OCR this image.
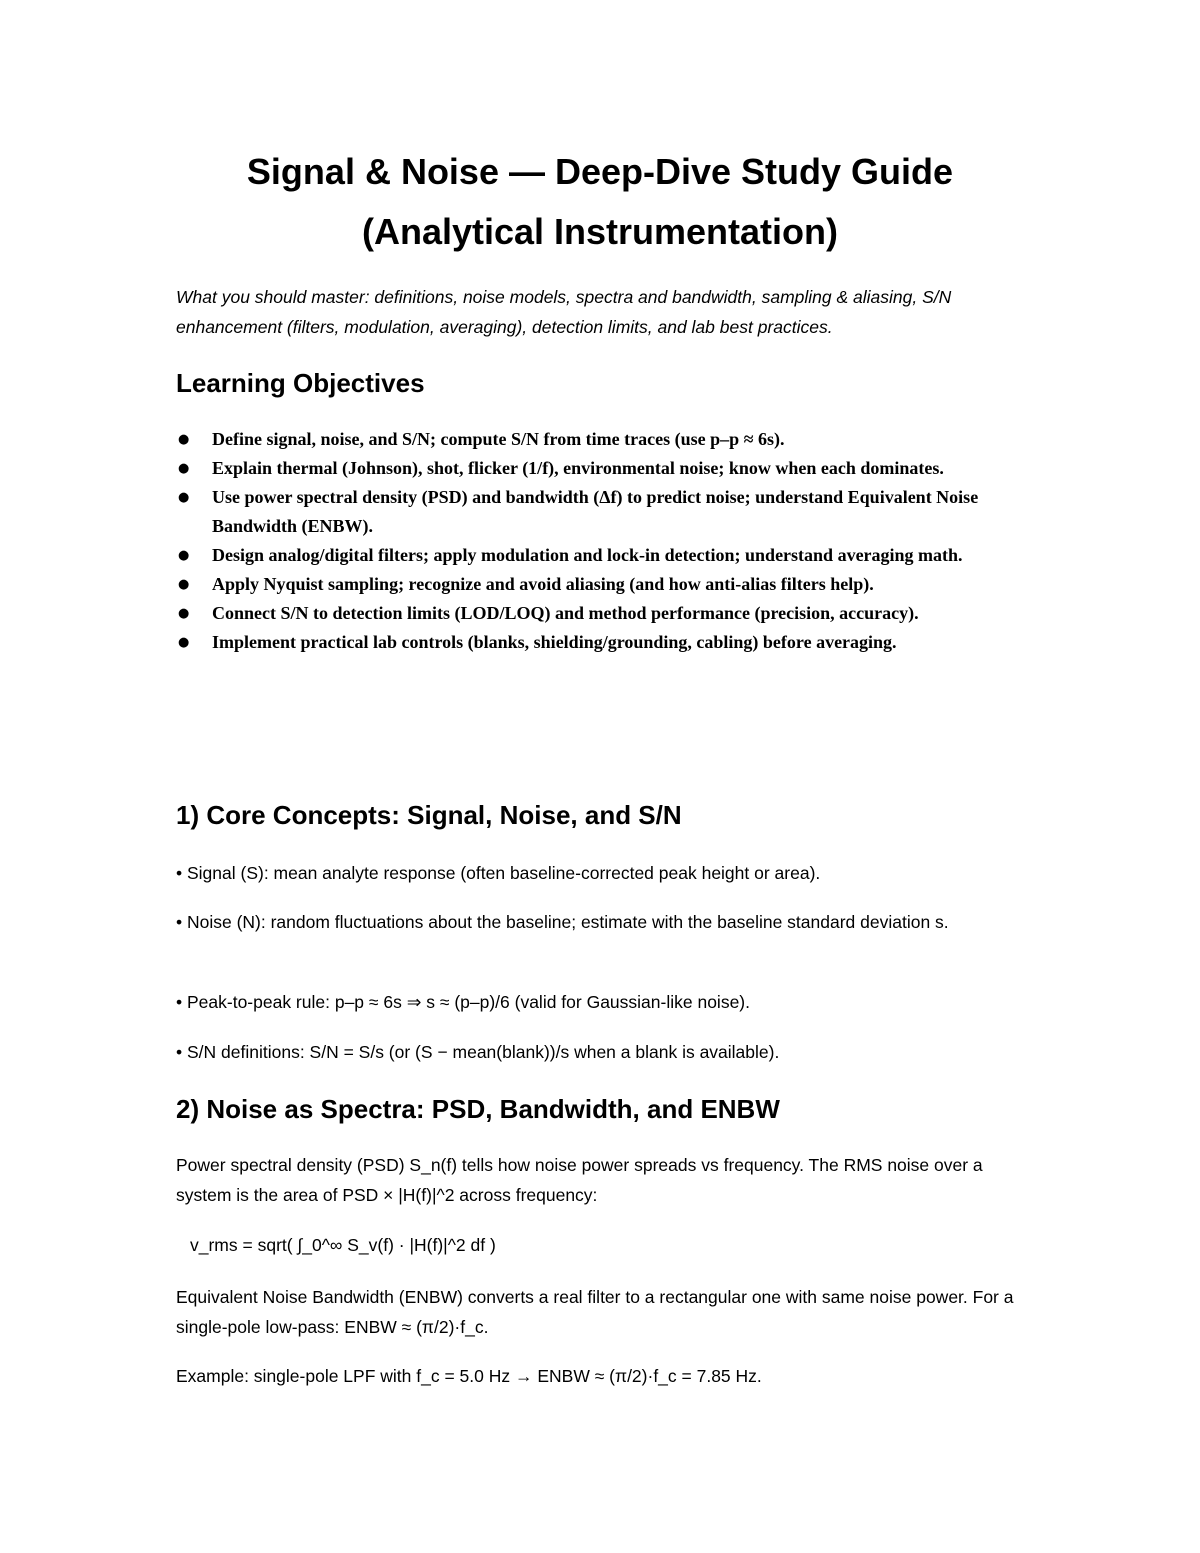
Signal & Noise — Deep-Dive Study Guide
(Analytical Instrumentation)

What you should master: definitions, noise models, spectra and bandwidth, sampling & aliasing, S/N enhancement (filters, modulation, averaging), detection limits, and lab best practices.

Learning Objectives
● Define signal, noise, and S/N; compute S/N from time traces (use p–p ≈ 6s).
● Explain thermal (Johnson), shot, flicker (1/f), environmental noise; know when each dominates.
● Use power spectral density (PSD) and bandwidth (Δf) to predict noise; understand Equivalent Noise Bandwidth (ENBW).
● Design analog/digital filters; apply modulation and lock-in detection; understand averaging math.
● Apply Nyquist sampling; recognize and avoid aliasing (and how anti-alias filters help).
● Connect S/N to detection limits (LOD/LOQ) and method performance (precision, accuracy).
● Implement practical lab controls (blanks, shielding/grounding, cabling) before averaging.
1) Core Concepts: Signal, Noise, and S/N

• Signal (S): mean analyte response (often baseline-corrected peak height or area).

• Noise (N): random fluctuations about the baseline; estimate with the baseline standard deviation s.

• Peak-to-peak rule: p–p ≈ 6s ⇒ s ≈ (p–p)/6 (valid for Gaussian-like noise).

• S/N definitions: S/N = S/s (or (S − mean(blank))/s when a blank is available).

2) Noise as Spectra: PSD, Bandwidth, and ENBW

Power spectral density (PSD) S_n(f) tells how noise power spreads vs frequency. The RMS noise over a system is the area of PSD × |H(f)|^2 across frequency:

v_rms = sqrt( ∫_0^∞ S_v(f) · |H(f)|^2 df )

Equivalent Noise Bandwidth (ENBW) converts a real filter to a rectangular one with same noise power. For a single-pole low-pass: ENBW ≈ (π/2)·f_c.

Example: single-pole LPF with f_c = 5.0 Hz → ENBW ≈ (π/2)·f_c = 7.85 Hz.
